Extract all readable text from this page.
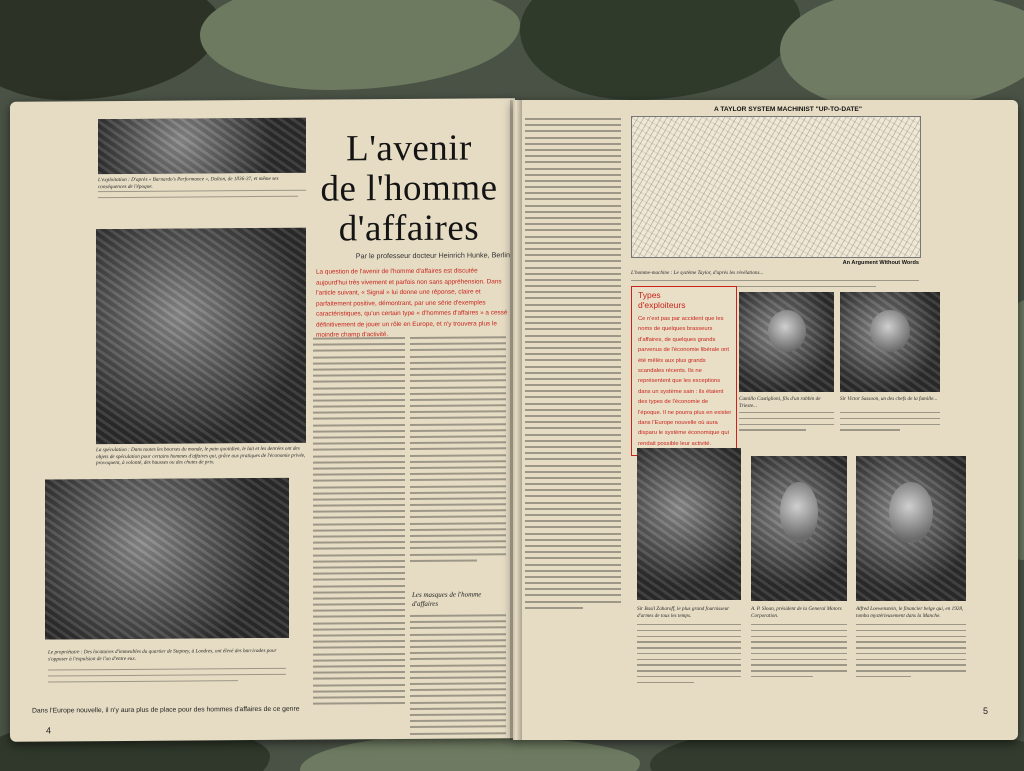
L'exploitation : D'après « Barnardo's Performance », Dalton, de 1836-37, et même ses conséquences de l'époque.
La spéculation : Dans toutes les bourses du monde, le pain quotidien, le lait et les denrées ont des objets de spéculation pour certains hommes d'affaires qui, grâce aux pratiques de l'économie privée, provoquent, à volonté, des hausses ou des chutes de prix.
Le propriétaire : Des locataires d'immeubles du quartier de Stepney, à Londres, ont élevé des barricades pour s'opposer à l'expulsion de l'un d'entre eux.
L'avenir
de l'homme
d'affaires
Par le professeur docteur Heinrich Hunke, Berlin
La question de l'avenir de l'homme d'affaires est discutée aujourd'hui très vivement et parfois non sans appréhension. Dans l'article suivant, « Signal » lui donne une réponse, claire et parfaitement positive, démontrant, par une série d'exemples caractéristiques, qu'un certain type « d'hommes d'affaires » a cessé définitivement de jouer un rôle en Europe, et n'y trouvera plus le moindre champ d'activité.
Les masques de l'homme d'affaires
Dans l'Europe nouvelle, il n'y aura plus de place pour des hommes d'affaires de ce genre
4
A TAYLOR SYSTEM MACHINIST "UP-TO-DATE"
An Argument Without Words
L'homme-machine : Le système Taylor, d'après les révélations...
Types
d'exploiteurs
Ce n'est pas par accident que les noms de quelques brasseurs d'affaires, de quelques grands parvenus de l'économie libérale ont été mêlés aux plus grands scandales récents. Ils ne représentent que les exceptions dans un système sain : ils étaient des types de l'économie de l'époque. Il ne pourra plus en exister dans l'Europe nouvelle où aura disparu le système économique qui rendait possible leur activité.
Camillo Castiglioni, fils d'un rabbin de Trieste...
Sir Victor Sassoon, un des chefs de la famille...
Sir Basil Zaharoff, le plus grand fournisseur d'armes de tous les temps.
A. P. Sloan, président de la General Motors Corporation.
Alfred Loewenstein, le financier belge qui, en 1928, tomba mystérieusement dans la Manche.
5
